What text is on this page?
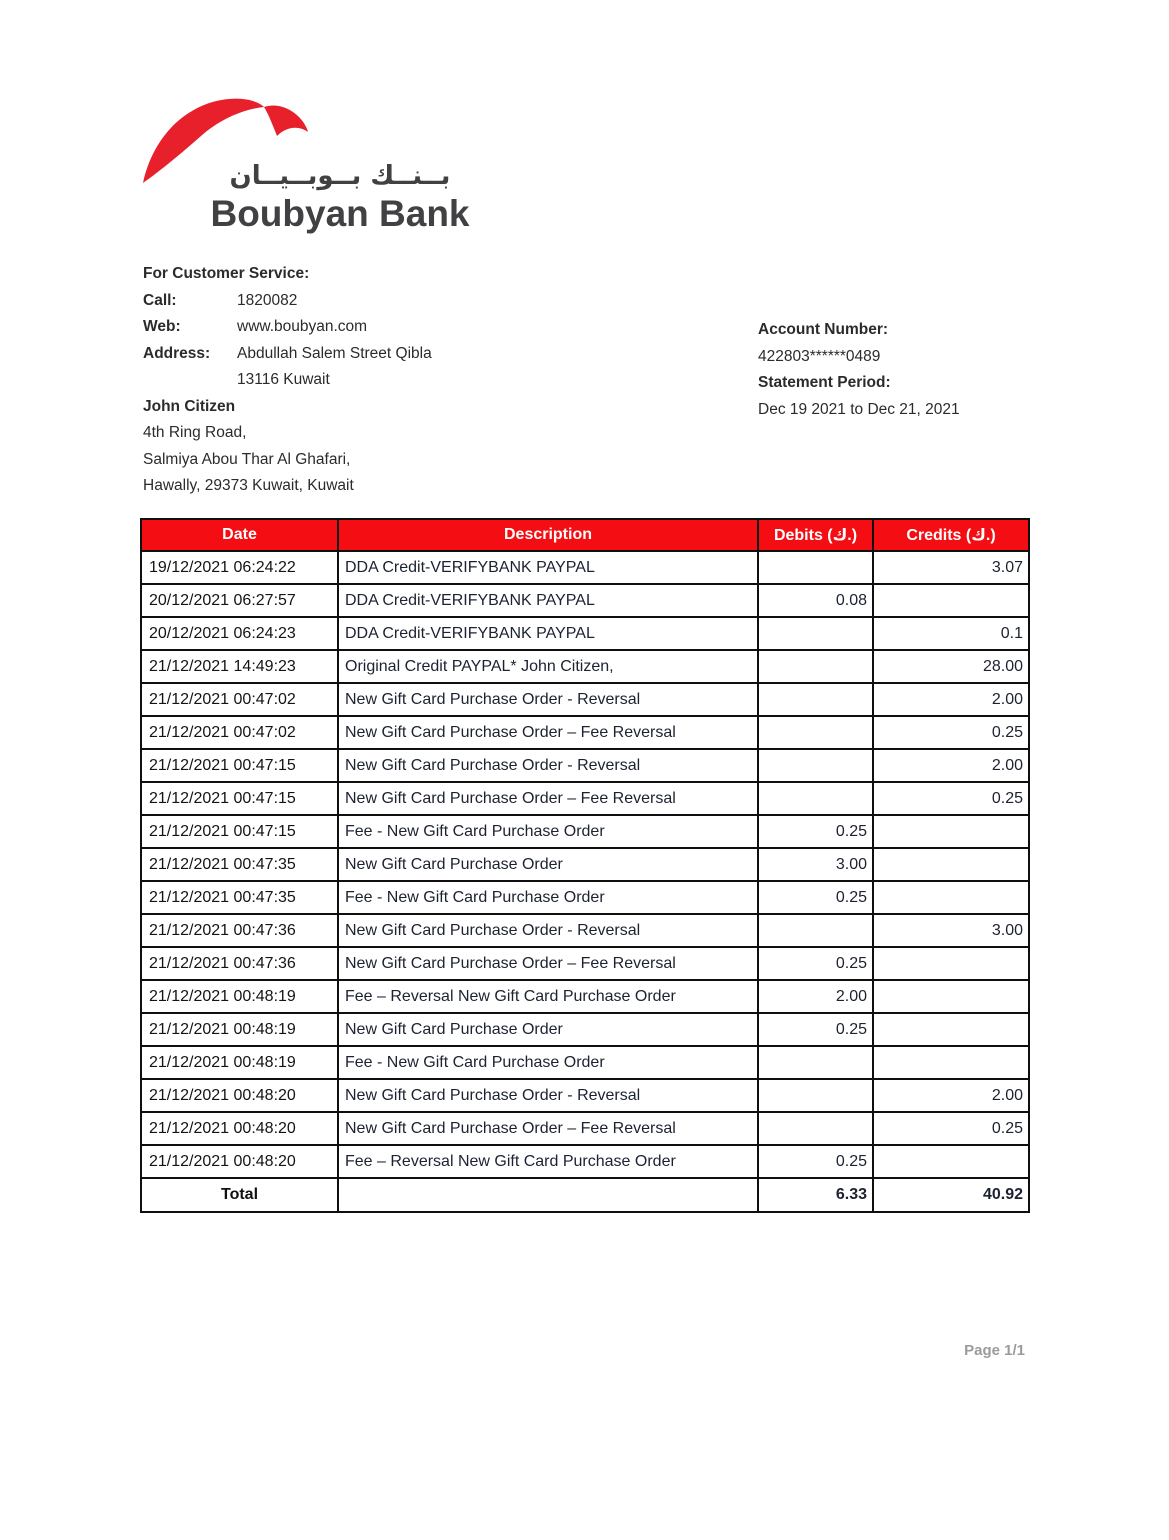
بــنــك بــوبــيــان
Boubyan Bank
For Customer Service:
Call:	1820082
Web:	www.boubyan.com
Address:	Abdullah Salem Street Qibla
13116 Kuwait
John Citizen
4th Ring Road,
Salmiya Abou Thar Al Ghafari,
Hawally, 29373 Kuwait, Kuwait
Account Number:
422803******0489
Statement Period:
Dec 19 2021 to Dec 21, 2021
Date	Description	Debits (ك.)	Credits (ك.)
19/12/2021 06:24:22	DDA Credit-VERIFYBANK PAYPAL		3.07
20/12/2021 06:27:57	DDA Credit-VERIFYBANK PAYPAL	0.08	
20/12/2021 06:24:23	DDA Credit-VERIFYBANK PAYPAL		0.1
21/12/2021 14:49:23	Original Credit PAYPAL* John Citizen,		28.00
21/12/2021 00:47:02	New Gift Card Purchase Order - Reversal		2.00
21/12/2021 00:47:02	New Gift Card Purchase Order – Fee Reversal		0.25
21/12/2021 00:47:15	New Gift Card Purchase Order - Reversal		2.00
21/12/2021 00:47:15	New Gift Card Purchase Order – Fee Reversal		0.25
21/12/2021 00:47:15	Fee - New Gift Card Purchase Order	0.25	
21/12/2021 00:47:35	New Gift Card Purchase Order	3.00	
21/12/2021 00:47:35	Fee - New Gift Card Purchase Order	0.25	
21/12/2021 00:47:36	New Gift Card Purchase Order - Reversal		3.00
21/12/2021 00:47:36	New Gift Card Purchase Order – Fee Reversal	0.25	
21/12/2021 00:48:19	Fee – Reversal New Gift Card Purchase Order	2.00	
21/12/2021 00:48:19	New Gift Card Purchase Order	0.25	
21/12/2021 00:48:19	Fee - New Gift Card Purchase Order		
21/12/2021 00:48:20	New Gift Card Purchase Order - Reversal		2.00
21/12/2021 00:48:20	New Gift Card Purchase Order – Fee Reversal		0.25
21/12/2021 00:48:20	Fee – Reversal New Gift Card Purchase Order	0.25	
Total		6.33	40.92
Page 1/1
